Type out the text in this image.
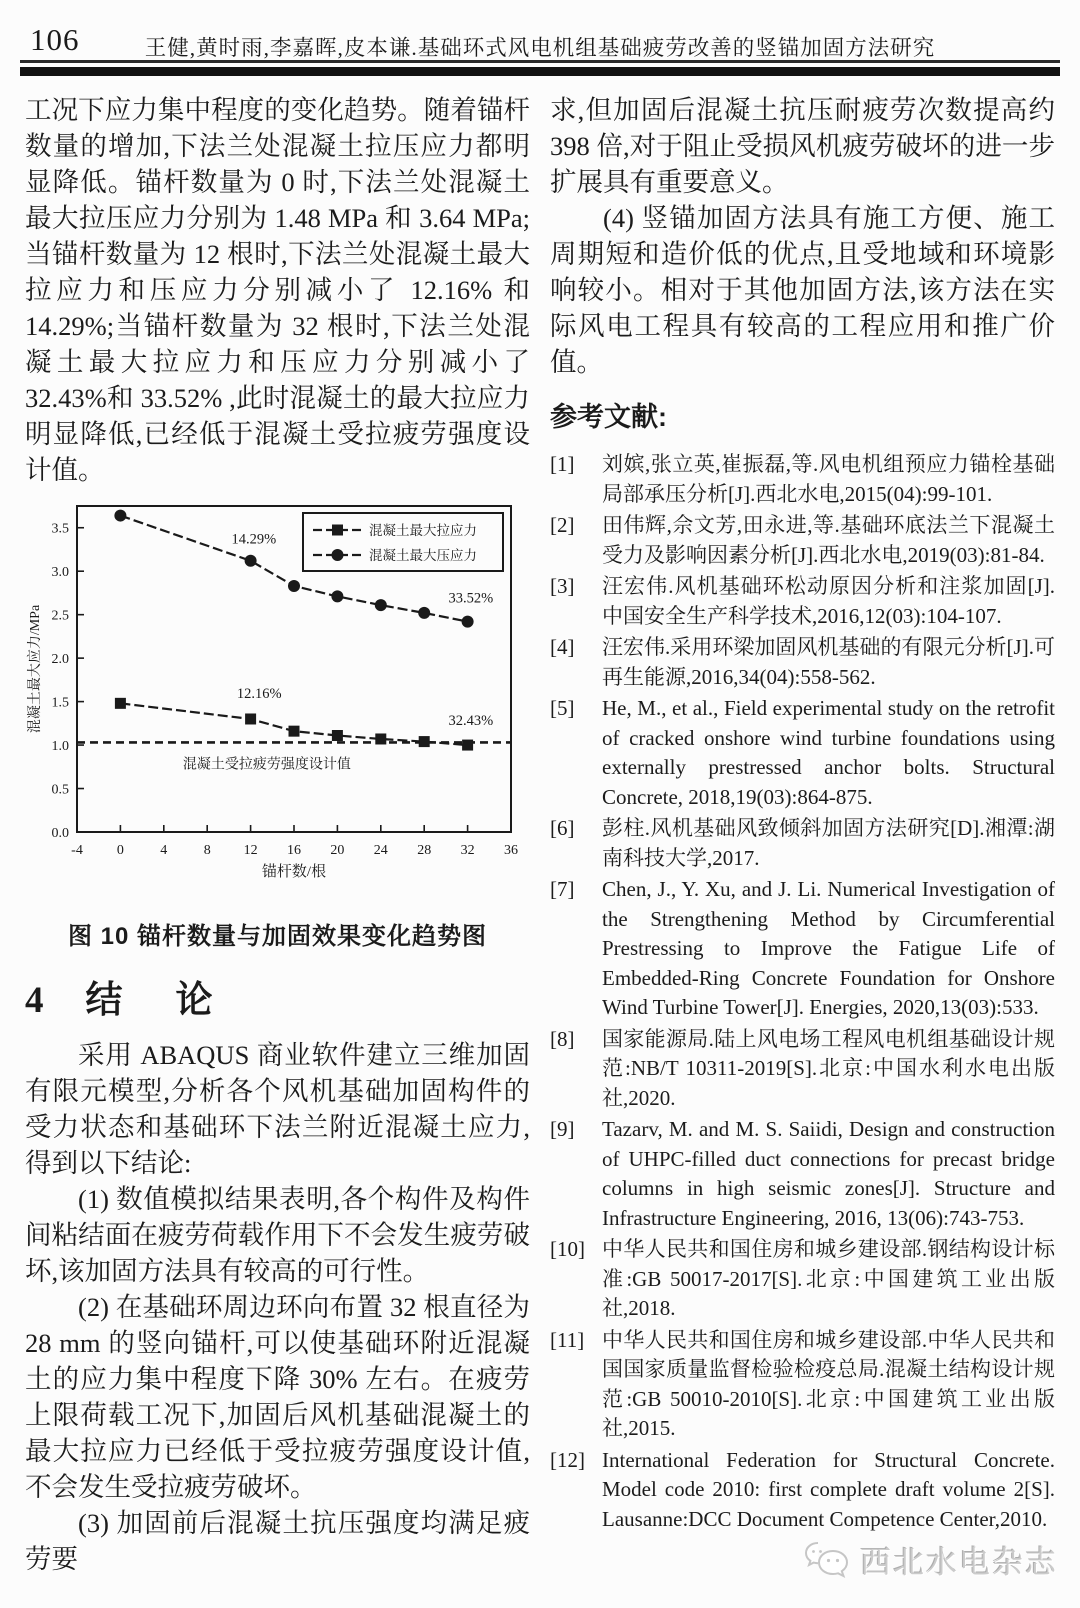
106	王健,黄时雨,李嘉晖,皮本谦.基础环式风电机组基础疲劳改善的竖锚加固方法研究

工况下应力集中程度的变化趋势。随着锚杆数量的增加,下法兰处混凝土拉压应力都明显降低。锚杆数量为 0 时,下法兰处混凝土最大拉压应力分别为 1.48 MPa 和 3.64 MPa;当锚杆数量为 12 根时,下法兰处混凝土最大拉应力和压应力分别减小了 12.16% 和 14.29%;当锚杆数量为 32 根时,下法兰处混凝土最大拉应力和压应力分别减小了32.43%和 33.52% ,此时混凝土的最大拉应力明显降低,已经低于混凝土受拉疲劳强度设计值。

0.0
0.5
1.0
1.5
2.0
2.5
3.0
3.5
-4 0	4	8 12 16 20 24 28 32 36
锚杆数/根
混凝土最大应力/MPa
混凝土受拉疲劳强度设计值
14.29%
33.52%
12.16%
32.43%
混凝土最大拉应力
混凝土最大压应力
图 10 锚杆数量与加固效果变化趋势图
4 结　论

采用 ABAQUS 商业软件建立三维加固有限元模型,分析各个风机基础加固构件的受力状态和基础环下法兰附近混凝土应力,得到以下结论:

(1) 数值模拟结果表明,各个构件及构件间粘结面在疲劳荷载作用下不会发生疲劳破坏,该加固方法具有较高的可行性。

(2) 在基础环周边环向布置 32 根直径为 28 mm 的竖向锚杆,可以使基础环附近混凝土的应力集中程度下降 30% 左右。在疲劳上限荷载工况下,加固后风机基础混凝土的最大拉应力已经低于受拉疲劳强度设计值,不会发生受拉疲劳破坏。

(3) 加固前后混凝土抗压强度均满足疲劳要

求,但加固后混凝土抗压耐疲劳次数提高约 398 倍,对于阻止受损风机疲劳破坏的进一步扩展具有重要意义。

(4) 竖锚加固方法具有施工方便、施工周期短和造价低的优点,且受地域和环境影响较小。相对于其他加固方法,该方法在实际风电工程具有较高的工程应用和推广价值。

参考文献:
[1]	刘嫔,张立英,崔振磊,等.风电机组预应力锚栓基础局部承压分析[J].西北水电,2015(04):99-101.
[2]	田伟辉,佘文芳,田永进,等.基础环底法兰下混凝土受力及影响因素分析[J].西北水电,2019(03):81-84.
[3]	汪宏伟.风机基础环松动原因分析和注浆加固[J]. 中国安全生产科学技术,2016,12(03):104-107.
[4]	汪宏伟.采用环梁加固风机基础的有限元分析[J].可再生能源,2016,34(04):558-562.
[5]	He, M., et al., Field experimental study on the retrofit of cracked onshore wind turbine foundations using externally prestressed anchor bolts. Structural Concrete, 2018,19(03):864-875.
[6]	彭柱.风机基础风致倾斜加固方法研究[D].湘潭:湖南科技大学,2017.
[7]	Chen, J., Y. Xu, and J. Li. Numerical Investigation of the Strengthening Method by Circumferential Prestressing to Improve the Fatigue Life of Embedded-Ring Concrete Foundation for Onshore Wind Turbine Tower[J]. Energies, 2020,13(03):533.
[8]	国家能源局.陆上风电场工程风电机组基础设计规范:NB/T 10311-2019[S].北京:中国水利水电出版社,2020.
[9]	Tazarv, M. and M. S. Saiidi, Design and construction of UHPC-filled duct connections for precast bridge columns in high seismic zones[J]. Structure and Infrastructure Engineering, 2016, 13(06):743-753.
[10] 中华人民共和国住房和城乡建设部.钢结构设计标准:GB 50017-2017[S].北京:中国建筑工业出版社,2018.
[11] 中华人民共和国住房和城乡建设部.中华人民共和国国家质量监督检验检疫总局.混凝土结构设计规范:GB 50010-2010[S].北京:中国建筑工业出版社,2015.
[12] International Federation for Structural Concrete. Model code 2010: first complete draft volume 2[S]. Lausanne:DCC Document Competence Center,2010.
西北水电杂志
